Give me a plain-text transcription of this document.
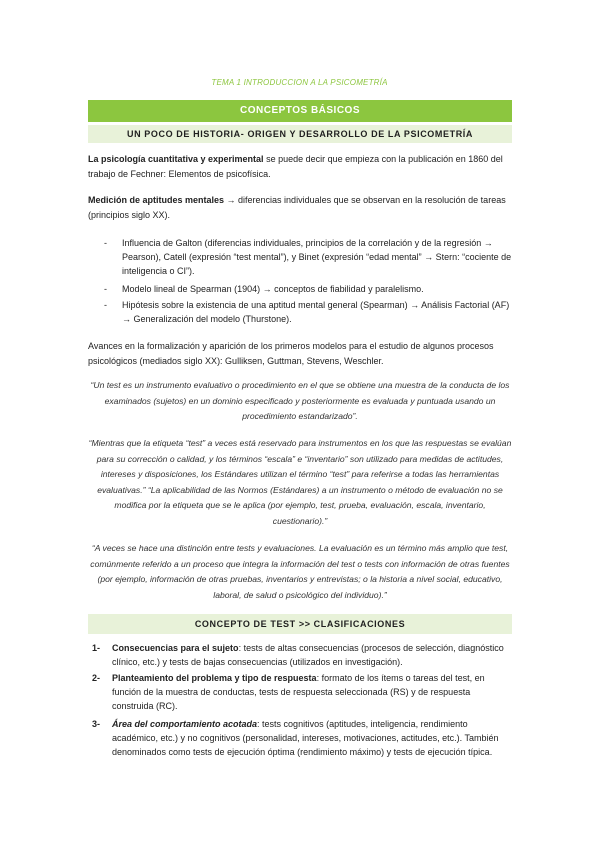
TEMA 1 INTRODUCCION A LA PSICOMETRÍA
CONCEPTOS BÁSICOS
UN POCO DE HISTORIA- ORIGEN Y DESARROLLO DE LA PSICOMETRÍA
La psicología cuantitativa y experimental se puede decir que empieza con la publicación en 1860 del trabajo de Fechner: Elementos de psicofísica.
Medición de aptitudes mentales → diferencias individuales que se observan en la resolución de tareas (principios siglo XX).
- Influencia de Galton (diferencias individuales, principios de la correlación y de la regresión → Pearson), Catell (expresión “test mental”), y Binet (expresión “edad mental” → Stern: “cociente de inteligencia o CI”).
- Modelo lineal de Spearman (1904) → conceptos de fiabilidad y paralelismo.
- Hipótesis sobre la existencia de una aptitud mental general (Spearman) → Análisis Factorial (AF) → Generalización del modelo (Thurstone).
Avances en la formalización y aparición de los primeros modelos para el estudio de algunos procesos psicológicos (mediados siglo XX): Gulliksen, Guttman, Stevens, Weschler.
“Un test es un instrumento evaluativo o procedimiento en el que se obtiene una muestra de la conducta de los examinados (sujetos) en un dominio especificado y posteriormente es evaluada y puntuada usando un procedimiento estandarizado”.
“Mientras que la etiqueta “test” a veces está reservado para instrumentos en los que las respuestas se evalúan para su corrección o calidad, y los términos “escala” e “inventario” son utilizado para medidas de actitudes, intereses y disposiciones, los Estándares utilizan el término “test” para referirse a todas las herramientas evaluativas.” “La aplicabilidad de las Normos (Estándares) a un instrumento o método de evaluación no se modifica por la etiqueta que se le aplica (por ejemplo, test, prueba, evaluación, escala, inventario, cuestionario).”
“A veces se hace una distinción entre tests y evaluaciones. La evaluación es un término más amplio que test, comúnmente referido a un proceso que integra la información del test o tests con información de otras fuentes (por ejemplo, información de otras pruebas, inventarios y entrevistas; o la historia a nivel social, educativo, laboral, de salud o psicológico del individuo).”
CONCEPTO DE TEST >> CLASIFICACIONES
1- Consecuencias para el sujeto: tests de altas consecuencias (procesos de selección, diagnóstico clínico, etc.) y tests de bajas consecuencias (utilizados en investigación).
2- Planteamiento del problema y tipo de respuesta: formato de los ítems o tareas del test, en función de la muestra de conductas, tests de respuesta seleccionada (RS) y de respuesta construida (RC).
3- Área del comportamiento acotada: tests cognitivos (aptitudes, inteligencia, rendimiento académico, etc.) y no cognitivos (personalidad, intereses, motivaciones, actitudes, etc.). También denominados como tests de ejecución óptima (rendimiento máximo) y tests de ejecución típica.
